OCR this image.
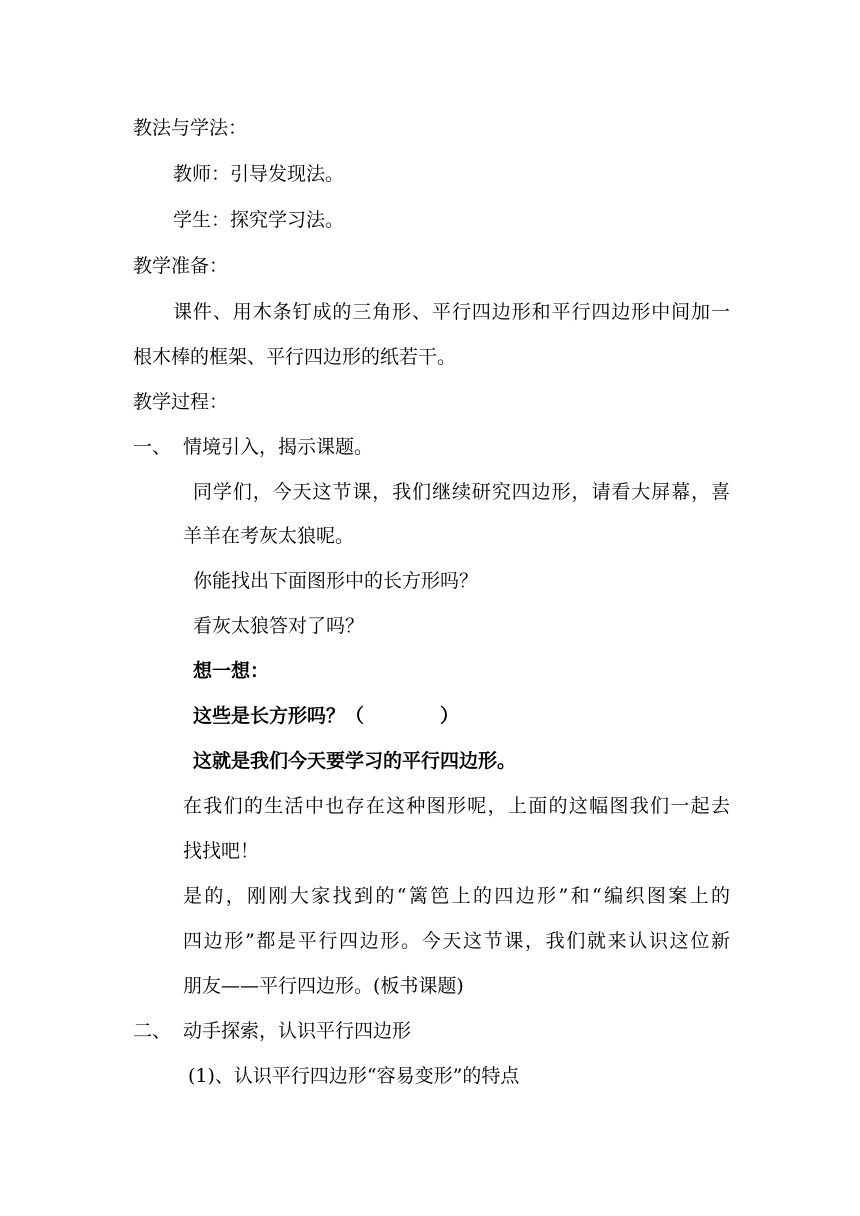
教法与学法：

教师：引导发现法。

学生：探究学习法。

教学准备：

课件、用木条钉成的三角形、平行四边形和平行四边形中间加一

根木棒的框架、平行四边形的纸若干。

教学过程：

一、 情境引入，揭示课题。

同学们，今天这节课，我们继续研究四边形，请看大屏幕，喜

羊羊在考灰太狼呢。

你能找出下面图形中的长方形吗？

看灰太狼答对了吗？

想一想：

这些是长方形吗？（　　　　）

这就是我们今天要学习的平行四边形。

在我们的生活中也存在这种图形呢，上面的这幅图我们一起去

找找吧！

是的，刚刚大家找到的“篱笆上的四边形”和“编织图案上的

四边形”都是平行四边形。今天这节课，我们就来认识这位新

朋友——平行四边形。(板书课题)

二、 动手探索，认识平行四边形

(1)、认识平行四边形“容易变形”的特点
